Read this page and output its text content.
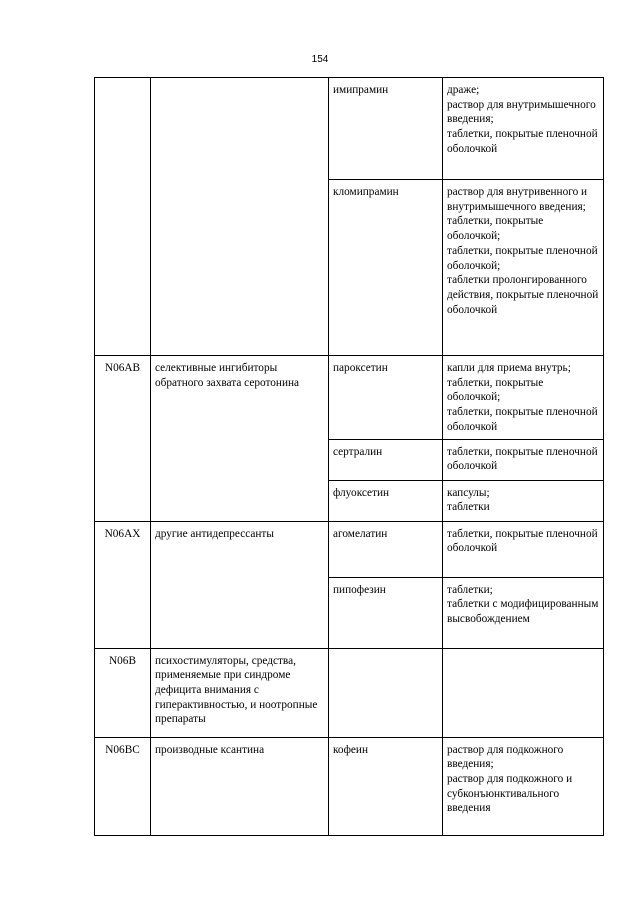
154
		имипрамин	драже;
раствор для внутримышечного введения;
таблетки, покрытые пленочной оболочкой

		кломипрамин	раствор для внутривенного и внутримышечного введения;
таблетки, покрытые оболочкой;
таблетки, покрытые пленочной оболочкой;
таблетки пролонгированного действия, покрытые пленочной оболочкой

N06AB	селективные ингибиторы обратного захвата серотонина	пароксетин	капли для приема внутрь;
таблетки, покрытые оболочкой;
таблетки, покрытые пленочной оболочкой

		сертралин	таблетки, покрытые пленочной оболочкой

		флуоксетин	капсулы;
таблетки

N06AX	другие антидепрессанты	агомелатин	таблетки, покрытые пленочной оболочкой

		пипофезин	таблетки;
таблетки с модифицированным высвобождением

N06B	психостимуляторы, средства, применяемые при синдроме дефицита внимания с гиперактивностью, и ноотропные препараты		
N06BC	производные ксантина	кофеин	раствор для подкожного введения;
раствор для подкожного и субконъюнктивального введения
